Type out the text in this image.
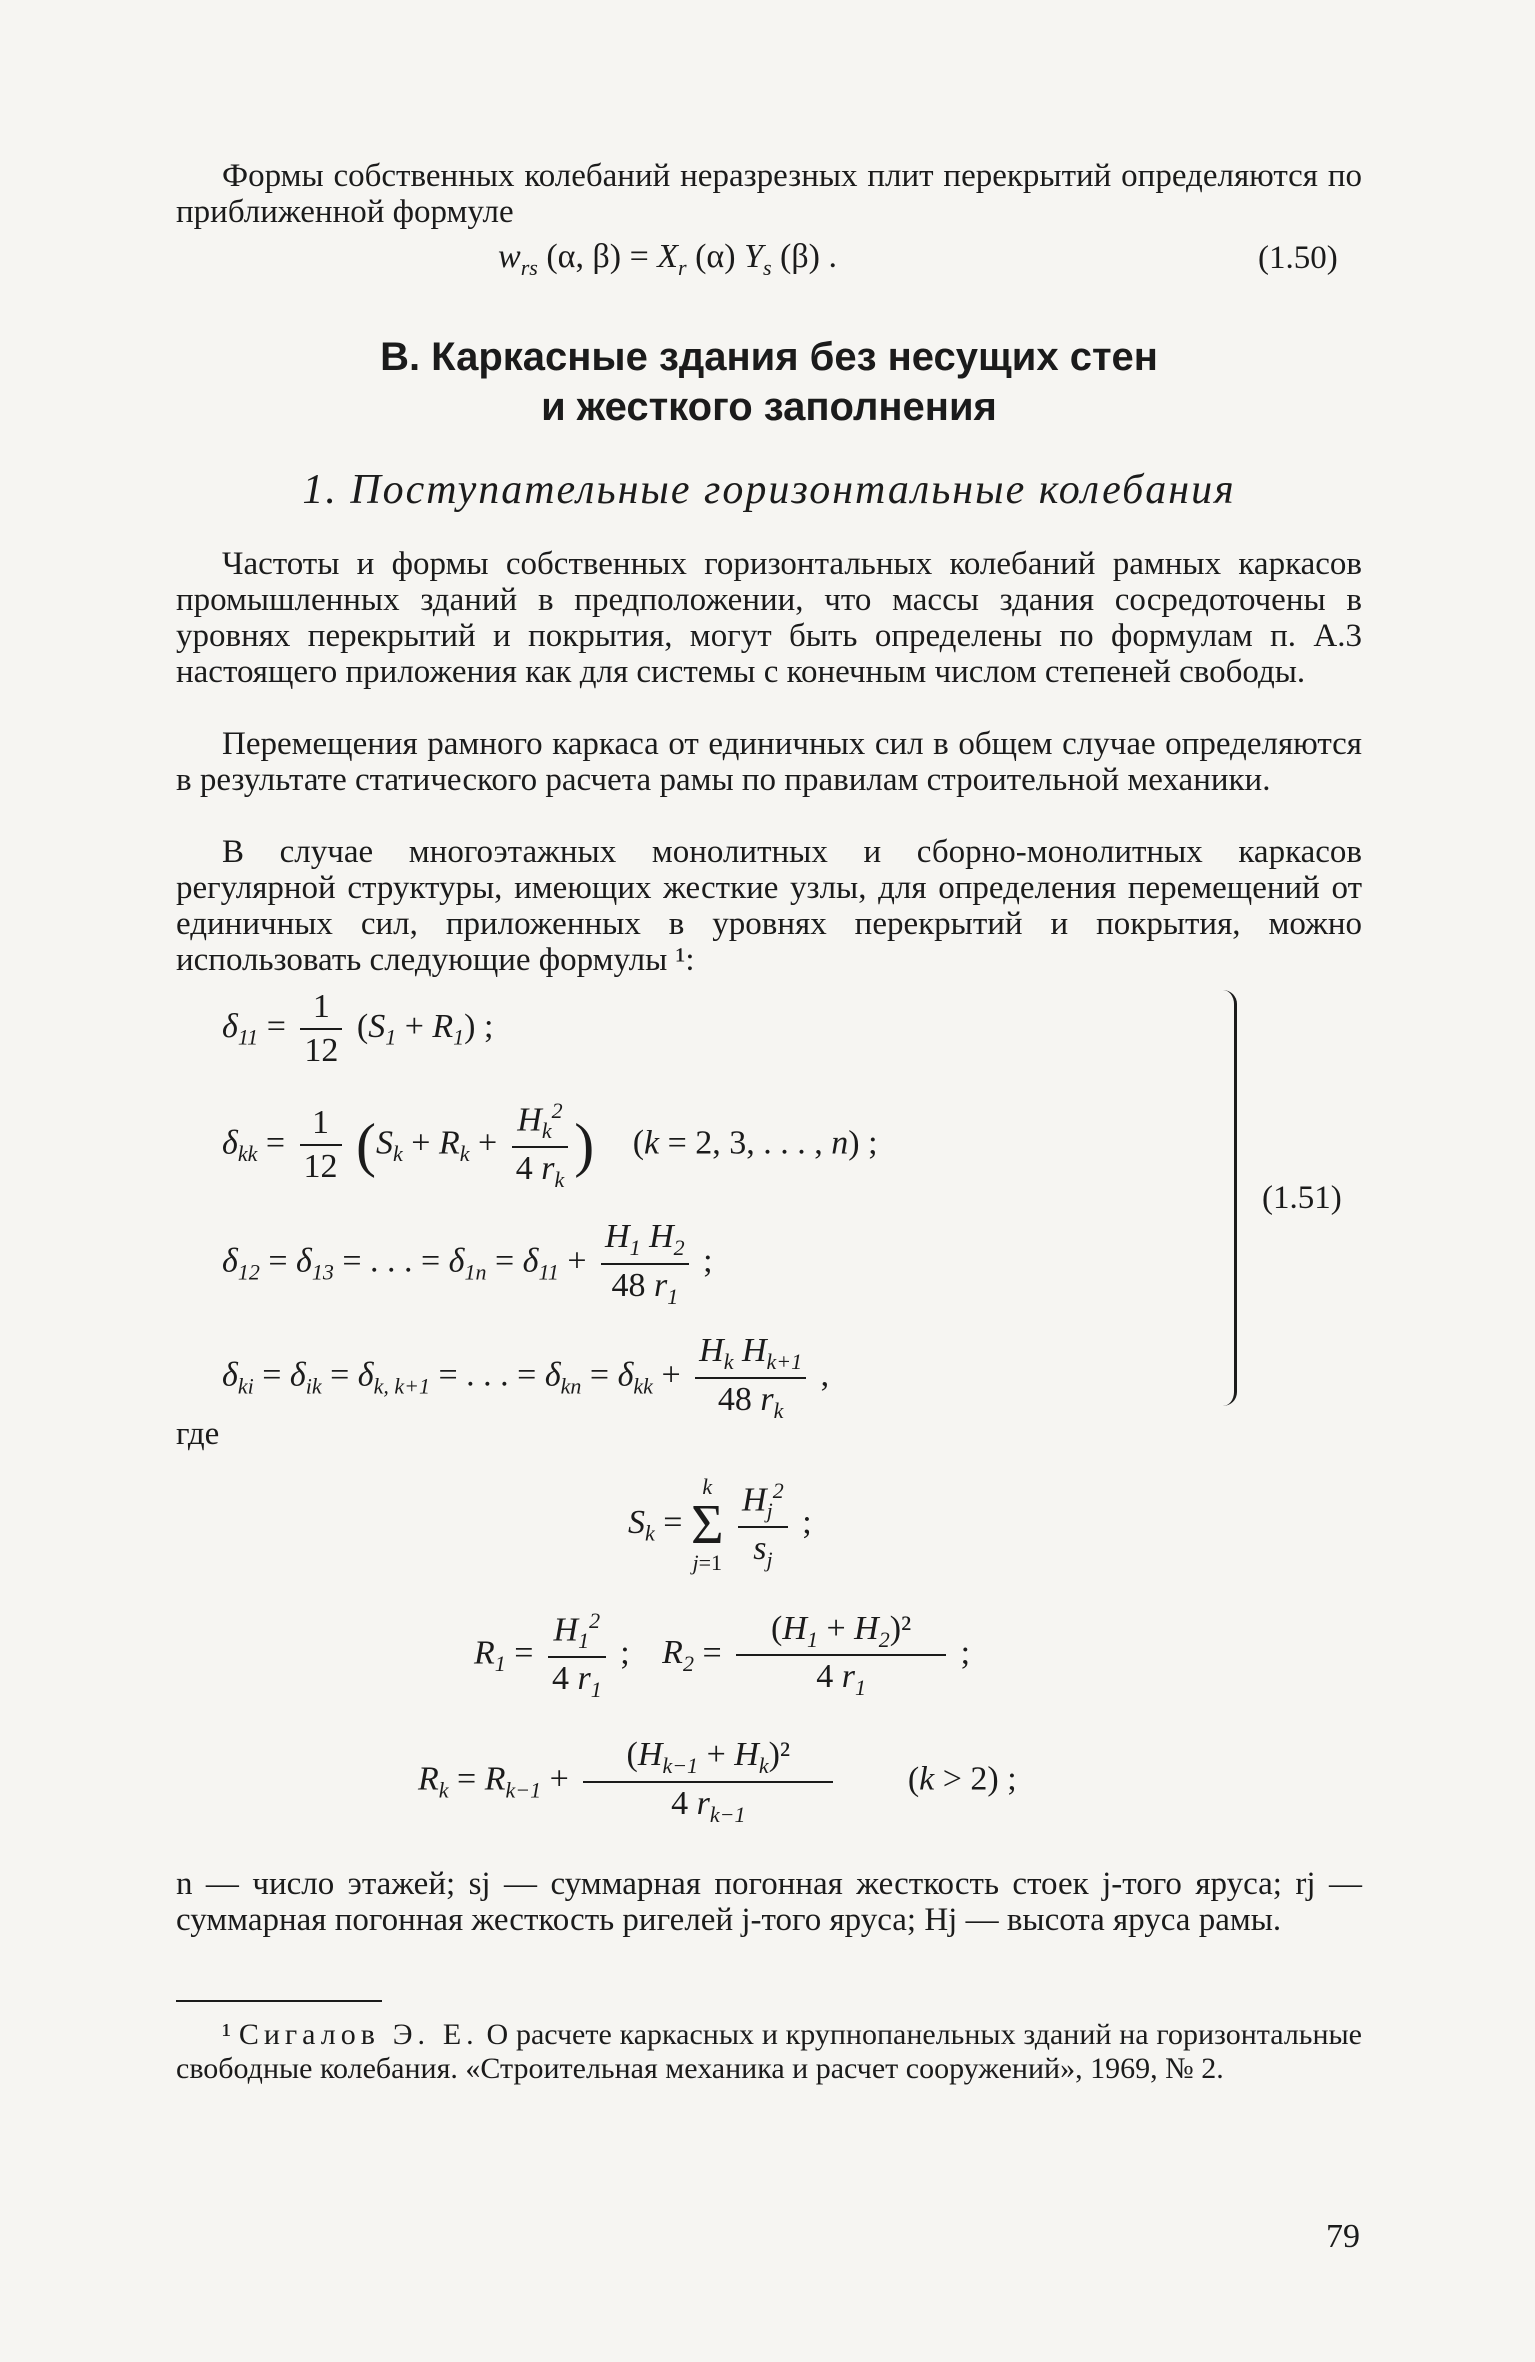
Формы собственных колебаний неразрезных плит перекрытий определяются по приближенной формуле

$w_{rs}$ (α, $\beta) = X_r$ (α) $Y_s$ (β) .	(1.50)
В. Каркасные здания без несущих стен
и жесткого заполнения
1. Поступательные горизонтальные колебания

Частоты и формы собственных горизонтальных колебаний рамных каркасов промышленных зданий в предположении, что массы здания сосредоточены в уровнях перекрытий и покрытия, могут быть определены по формулам п. А.3 настоящего приложения как для системы с конечным числом степеней свободы.

Перемещения рамного каркаса от единичных сил в общем случае определяются в результате статического расчета рамы по правилам строительной механики.

В случае многоэтажных монолитных и сборно-монолитных каркасов регулярной структуры, имеющих жесткие узлы, для определения перемещений от единичных сил, приложенных в уровнях перекрытий и покрытия, можно использовать следующие формулы ¹:

$\delta_{11} = \frac{1}{12} (S_1 + R_1)$ ;
$\delta_{kk} = \frac{1}{12} (S_k + R_k + \frac{H_k^2}{4 r_k}$ ) (k = 2, 3, . . . , n) ;
$\delta_{12} = \delta_{13}$ = . . . = $\delta_{1n} = \delta_{11} + \frac{H_1 H_2}{48 r_1}$ ;
$\delta_{ki} = \delta_{ik} = \delta_{k, k+1}$ = . . . = $\delta_{kn} = \delta_{kk} + \frac{H_k H_{k+1}}{48 r_k}$ ,
(1.51)
где
$S_k$ =
k
Σ
j=1
$\frac{H_j^2}{s_j}$ ;
$R_1 = \frac{H_1^2}{4 r_1}$ ; $R_2 = \frac{(H_1 + H_2)^2}{4 r_1}$ ;
$R_k = R_{k-1} + \frac{(H_{k-1} + H_k)^2}{4 r_{k-1}} (k > 2)$ ;

n — число этажей; sj — суммарная погонная жесткость стоек j-того яруса; rj — суммарная погонная жесткость ригелей j-того яруса; Hj — высота яруса рамы.

¹ Сигалов Э. Е. О расчете каркасных и крупнопанельных зданий на горизонтальные свободные колебания. «Строительная механика и расчет сооружений», 1969, № 2.

79
